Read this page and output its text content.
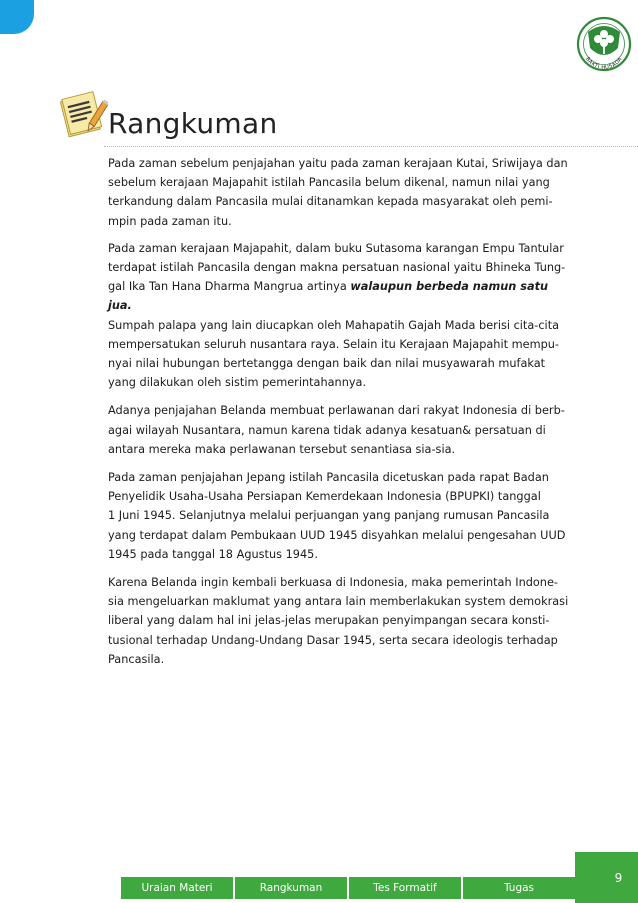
BAKTI HUSADA
Rangkuman

Pada zaman sebelum penjajahan yaitu pada zaman kerajaan Kutai, Sriwijaya dan
sebelum kerajaan Majapahit istilah Pancasila belum dikenal, namun nilai yang
terkandung dalam Pancasila mulai ditanamkan kepada masyarakat oleh pemi-
mpin pada zaman itu.

Pada zaman kerajaan Majapahit, dalam buku Sutasoma karangan Empu Tantular
terdapat istilah Pancasila dengan makna persatuan nasional yaitu Bhineka Tung-
gal Ika Tan Hana Dharma Mangrua artinya walaupun berbeda namun satu jua.
Sumpah palapa yang lain diucapkan oleh Mahapatih Gajah Mada berisi cita-cita
mempersatukan seluruh nusantara raya. Selain itu Kerajaan Majapahit mempu-
nyai nilai hubungan bertetangga dengan baik dan nilai musyawarah mufakat
yang dilakukan oleh sistim pemerintahannya.

Adanya penjajahan Belanda membuat perlawanan dari rakyat Indonesia di berb-
agai wilayah Nusantara, namun karena tidak adanya kesatuan& persatuan di
antara mereka maka perlawanan tersebut senantiasa sia-sia.

Pada zaman penjajahan Jepang istilah Pancasila dicetuskan pada rapat Badan
Penyelidik Usaha-Usaha Persiapan Kemerdekaan Indonesia (BPUPKI) tanggal
1 Juni 1945. Selanjutnya melalui perjuangan yang panjang rumusan Pancasila
yang terdapat dalam Pembukaan UUD 1945 disyahkan melalui pengesahan UUD
1945 pada tanggal 18 Agustus 1945.

Karena Belanda ingin kembali berkuasa di Indonesia, maka pemerintah Indone-
sia mengeluarkan maklumat yang antara lain memberlakukan system demokrasi
liberal yang dalam hal ini jelas-jelas merupakan penyimpangan secara konsti-
tusional terhadap Undang-Undang Dasar 1945, serta secara ideologis terhadap
Pancasila.

Uraian Materi	Rangkuman	Tes Formatif	Tugas
9
